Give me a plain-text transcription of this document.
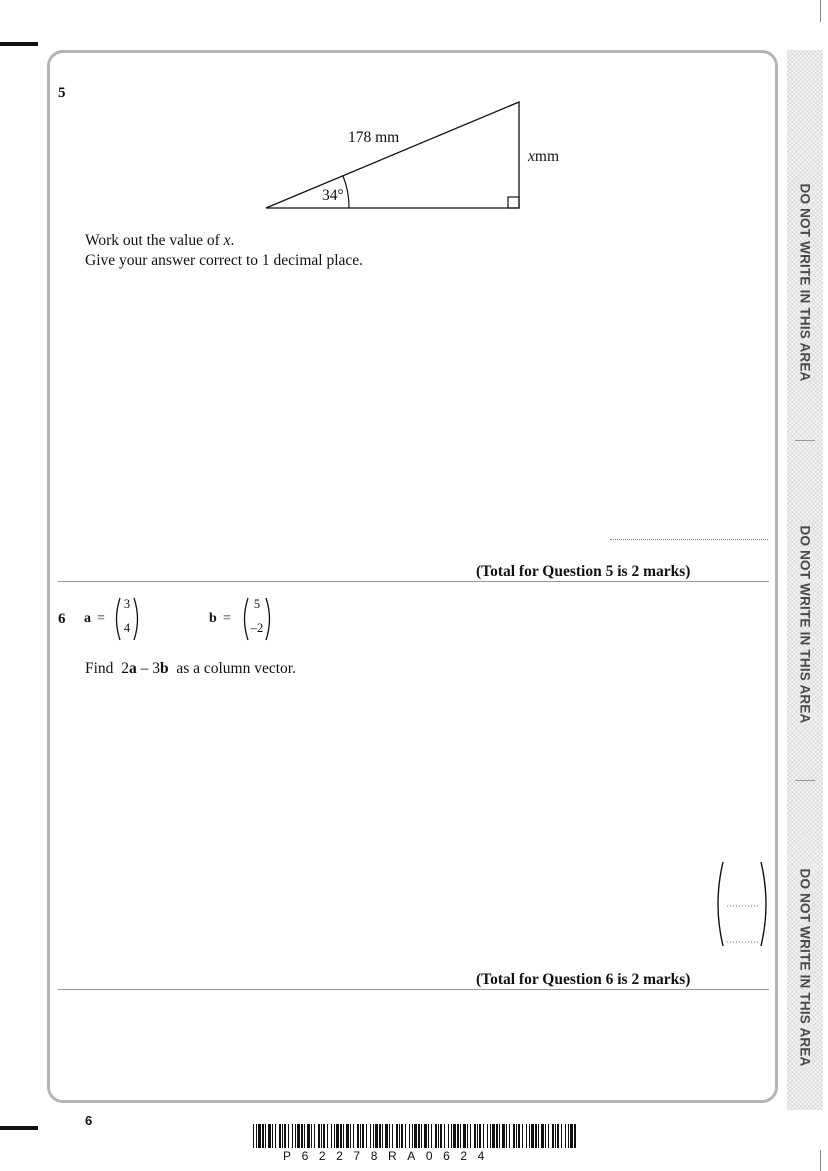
DO NOT WRITE IN THIS AREA
DO NOT WRITE IN THIS AREA
DO NOT WRITE IN THIS AREA
5
178 mm
xmm
34°
Work out the value of x.
Give your answer correct to 1 decimal place.
(Total for Question 5 is 2 marks)
6 a =
3
4
b =
5
–2
Find  2a – 3b  as a column vector.
(Total for Question 6 is 2 marks)
6
P62278RA0624
